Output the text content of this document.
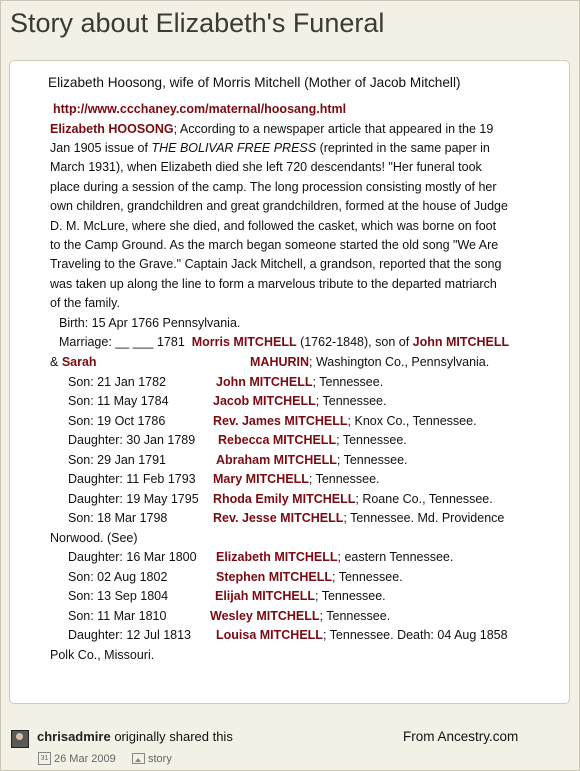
Story about Elizabeth's Funeral
Elizabeth Hoosong, wife of Morris Mitchell (Mother of Jacob Mitchell)
http://www.ccchaney.com/maternal/hoosang.html
Elizabeth HOOSONG; According to a newspaper article that appeared in the 19
Jan 1905 issue of THE BOLIVAR FREE PRESS (reprinted in the same paper in
March 1931), when Elizabeth died she left 720 descendants! "Her funeral took
place during a session of the camp. The long procession consisting mostly of her
own children, grandchildren and great grandchildren, formed at the house of Judge
D. M. McLure, where she died, and followed the casket, which was borne on foot
to the Camp Ground. As the march began someone started the old song "We Are
Traveling to the Grave." Captain Jack Mitchell, a grandson, reported that the song
was taken up along the line to form a marvelous tribute to the departed matriarch
of the family.
Birth: 15 Apr 1766 Pennsylvania.
Marriage: __ ___ 1781 Morris MITCHELL (1762-1848), son of John MITCHELL
& Sarah	MAHURIN; Washington Co., Pennsylvania.
Son: 21 Jan 1782	John MITCHELL; Tennessee.
Son: 11 May 1784	Jacob MITCHELL; Tennessee.
Son: 19 Oct 1786	Rev. James MITCHELL; Knox Co., Tennessee.
Daughter: 30 Jan 1789 Rebecca MITCHELL; Tennessee.
Son: 29 Jan 1791	Abraham MITCHELL; Tennessee.
Daughter: 11 Feb 1793 Mary MITCHELL; Tennessee.
Daughter: 19 May 1795 Rhoda Emily MITCHELL; Roane Co., Tennessee.
Son: 18 Mar 1798	Rev. Jesse MITCHELL; Tennessee. Md. Providence
Norwood. (See)
Daughter: 16 Mar 1800 Elizabeth MITCHELL; eastern Tennessee.
Son: 02 Aug 1802	Stephen MITCHELL; Tennessee.
Son: 13 Sep 1804	Elijah MITCHELL; Tennessee.
Son: 11 Mar 1810	Wesley MITCHELL; Tennessee.
Daughter: 12 Jul 1813 Louisa MITCHELL; Tennessee. Death: 04 Aug 1858
Polk Co., Missouri.
chrisadmire originally shared this	From Ancestry.com
31 26 Mar 2009	story
